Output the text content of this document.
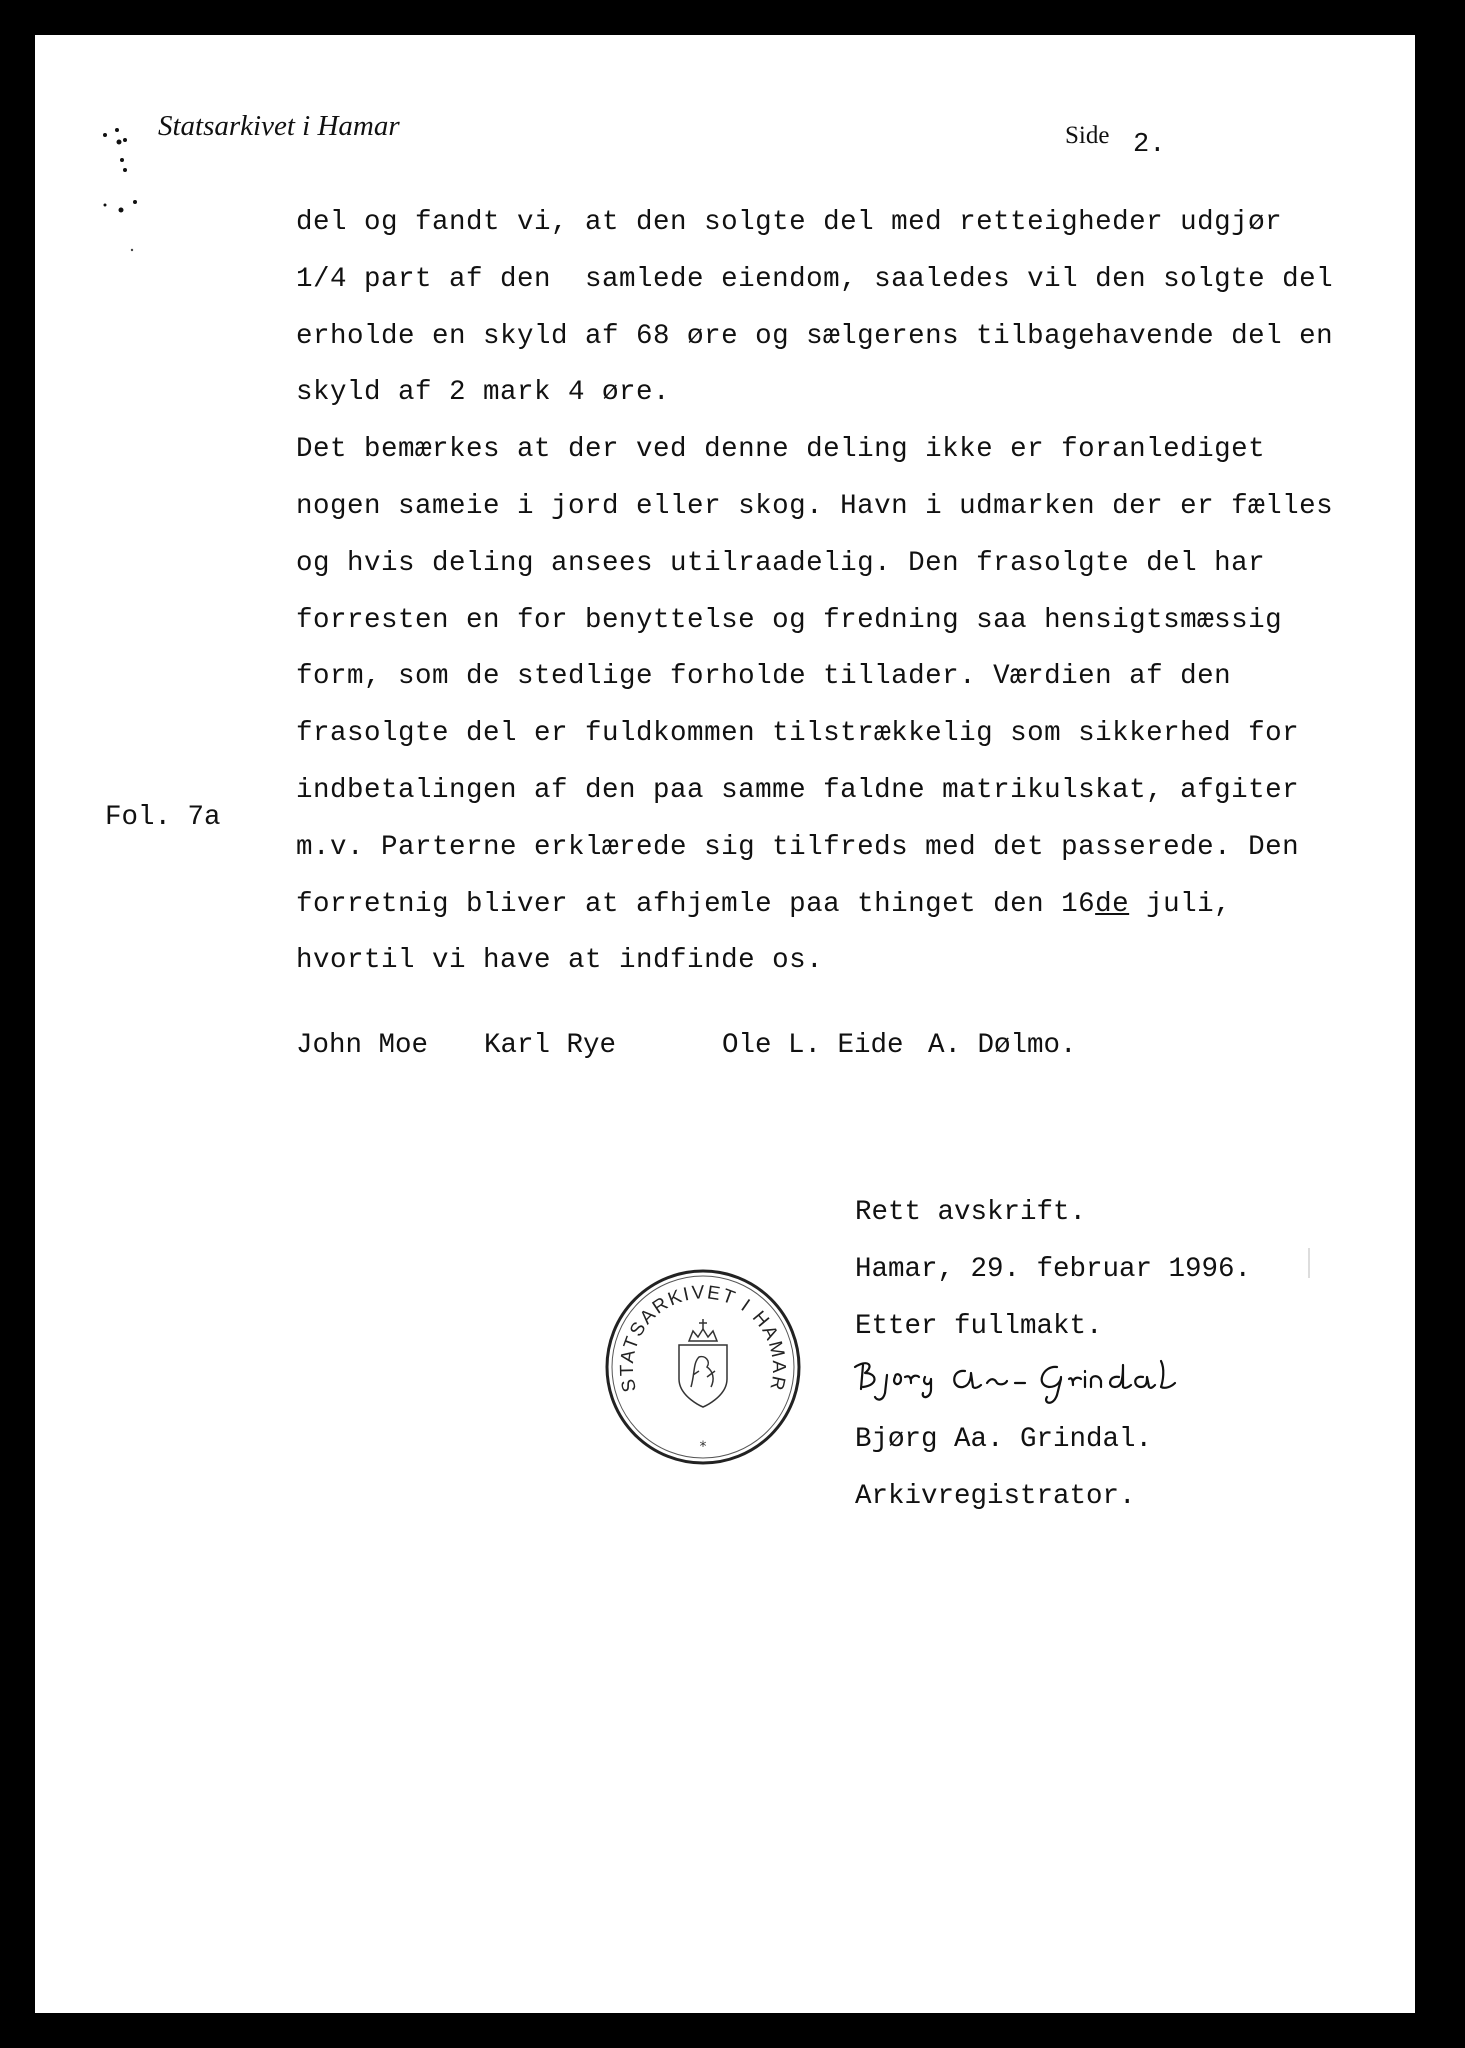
Statsarkivet i Hamar	Side 2.
del og fandt vi, at den solgte del med retteigheder udgjør
1/4 part af den  samlede eiendom, saaledes vil den solgte del
erholde en skyld af 68 øre og sælgerens tilbagehavende del en
skyld af 2 mark 4 øre.
Det bemærkes at der ved denne deling ikke er foranlediget
nogen sameie i jord eller skog. Havn i udmarken der er fælles
og hvis deling ansees utilraadelig. Den frasolgte del har
forresten en for benyttelse og fredning saa hensigtsmæssig
form, som de stedlige forholde tillader. Værdien af den
frasolgte del er fuldkommen tilstrækkelig som sikkerhed for
indbetalingen af den paa samme faldne matrikulskat, afgiter
m.v. Parterne erklærede sig tilfreds med det passerede. Den
forretnig bliver at afhjemle paa thinget den 16de juli,
hvortil vi have at indfinde os.
Fol. 7a

John Moe

Karl Rye

	Ole L. Eide

A. Dølmo.

Rett avskrift.
Hamar, 29. februar 1996.
Etter fullmakt.
Bjørg Aa. Grindal.
Arkivregistrator.
STATSARKIVET I HAMAR
*
